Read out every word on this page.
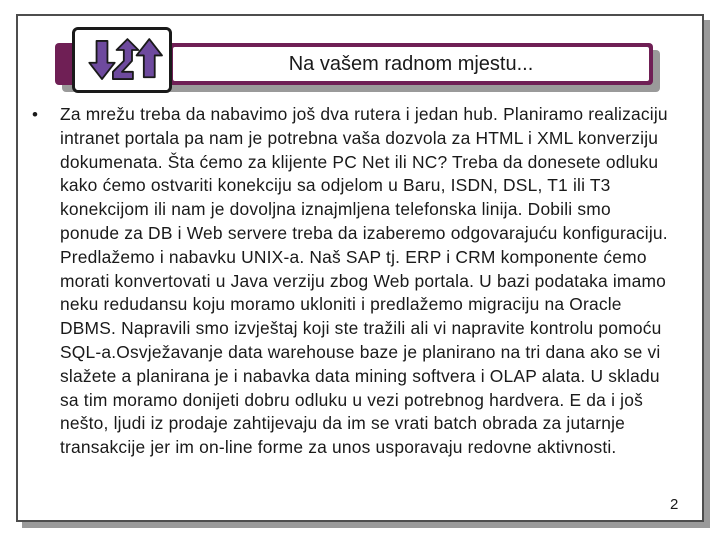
Na vašem radnom mjestu...
•	Za mrežu treba da nabavimo još dva rutera i jedan hub. Planiramo realizaciju intranet portala pa nam je potrebna vaša dozvola za HTML i XML konverziju dokumenata. Šta ćemo za klijente PC Net ili NC? Treba da donesete odluku kako ćemo ostvariti konekciju sa odjelom u Baru, ISDN, DSL, T1 ili T3 konekcijom ili nam je dovoljna iznajmljena telefonska linija. Dobili smo ponude za DB i Web servere treba da izaberemo odgovarajuću konfiguraciju. Predlažemo i nabavku UNIX-a. Naš SAP tj. ERP i CRM komponente ćemo morati konvertovati u Java verziju zbog Web portala. U bazi podataka imamo neku redudansu koju moramo ukloniti i predlažemo migraciju na Oracle DBMS. Napravili smo izvještaj koji ste tražili ali vi napravite kontrolu pomoću SQL-a.Osvježavanje data warehouse baze je planirano na tri dana ako se vi slažete a planirana je i nabavka data mining softvera i OLAP alata. U skladu sa tim moramo donijeti dobru odluku u vezi potrebnog hardvera. E da i još nešto, ljudi iz prodaje zahtijevaju da im se vrati batch obrada za jutarnje transakcije jer im on-line forme za unos usporavaju redovne aktivnosti.
2
